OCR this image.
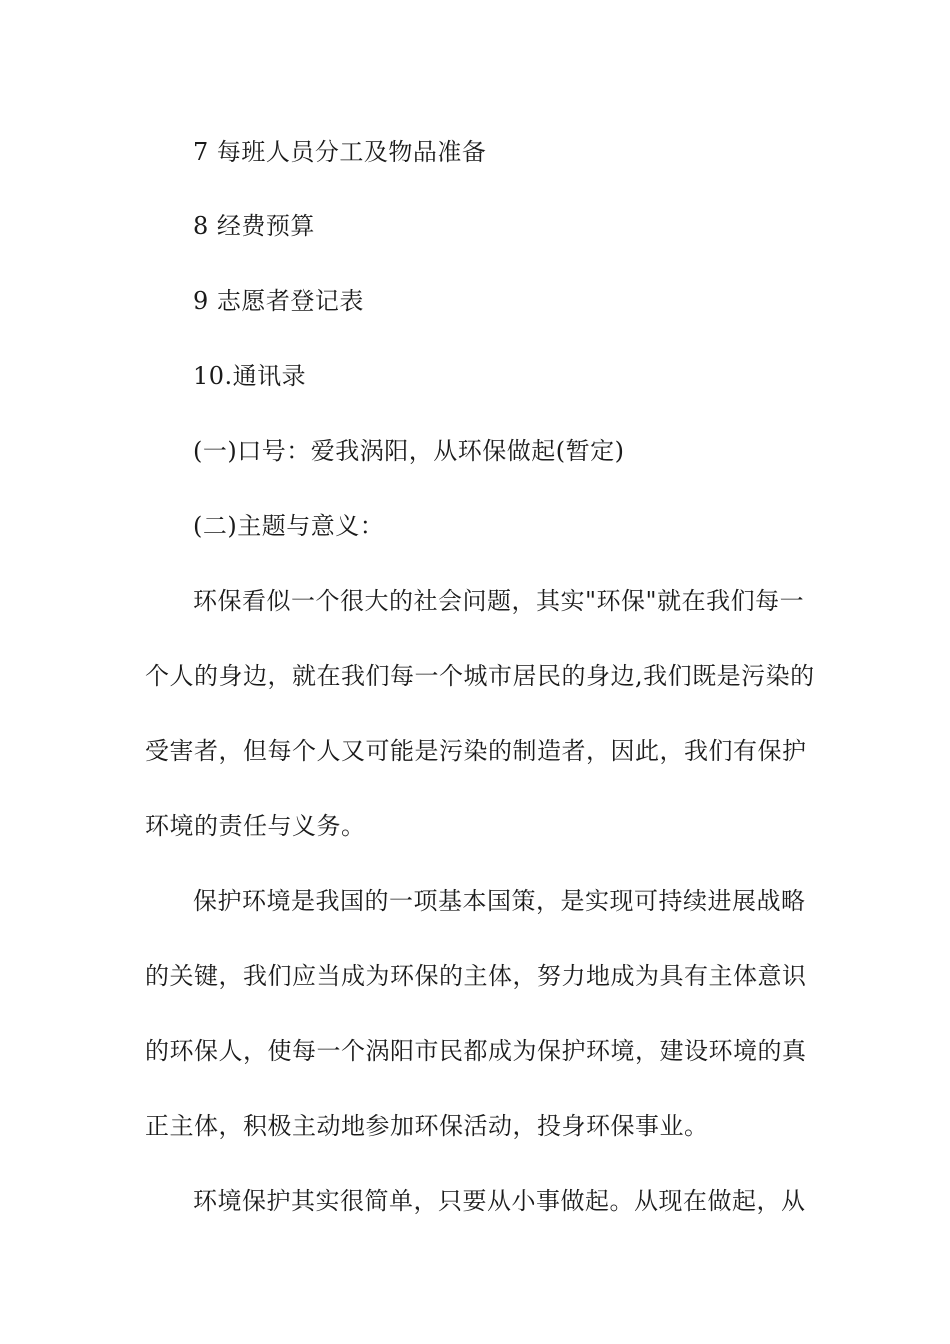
7 每班人员分工及物品准备
8 经费预算
9 志愿者登记表
10.通讯录
(一)口号：爱我涡阳，从环保做起(暂定)
(二)主题与意义：
环保看似一个很大的社会问题，其实"环保"就在我们每一
个人的身边，就在我们每一个城市居民的身边,我们既是污染的
受害者，但每个人又可能是污染的制造者，因此，我们有保护
环境的责任与义务。
保护环境是我国的一项基本国策，是实现可持续进展战略
的关键，我们应当成为环保的主体，努力地成为具有主体意识
的环保人，使每一个涡阳市民都成为保护环境，建设环境的真
正主体，积极主动地参加环保活动，投身环保事业。
环境保护其实很简单，只要从小事做起。从现在做起，从
